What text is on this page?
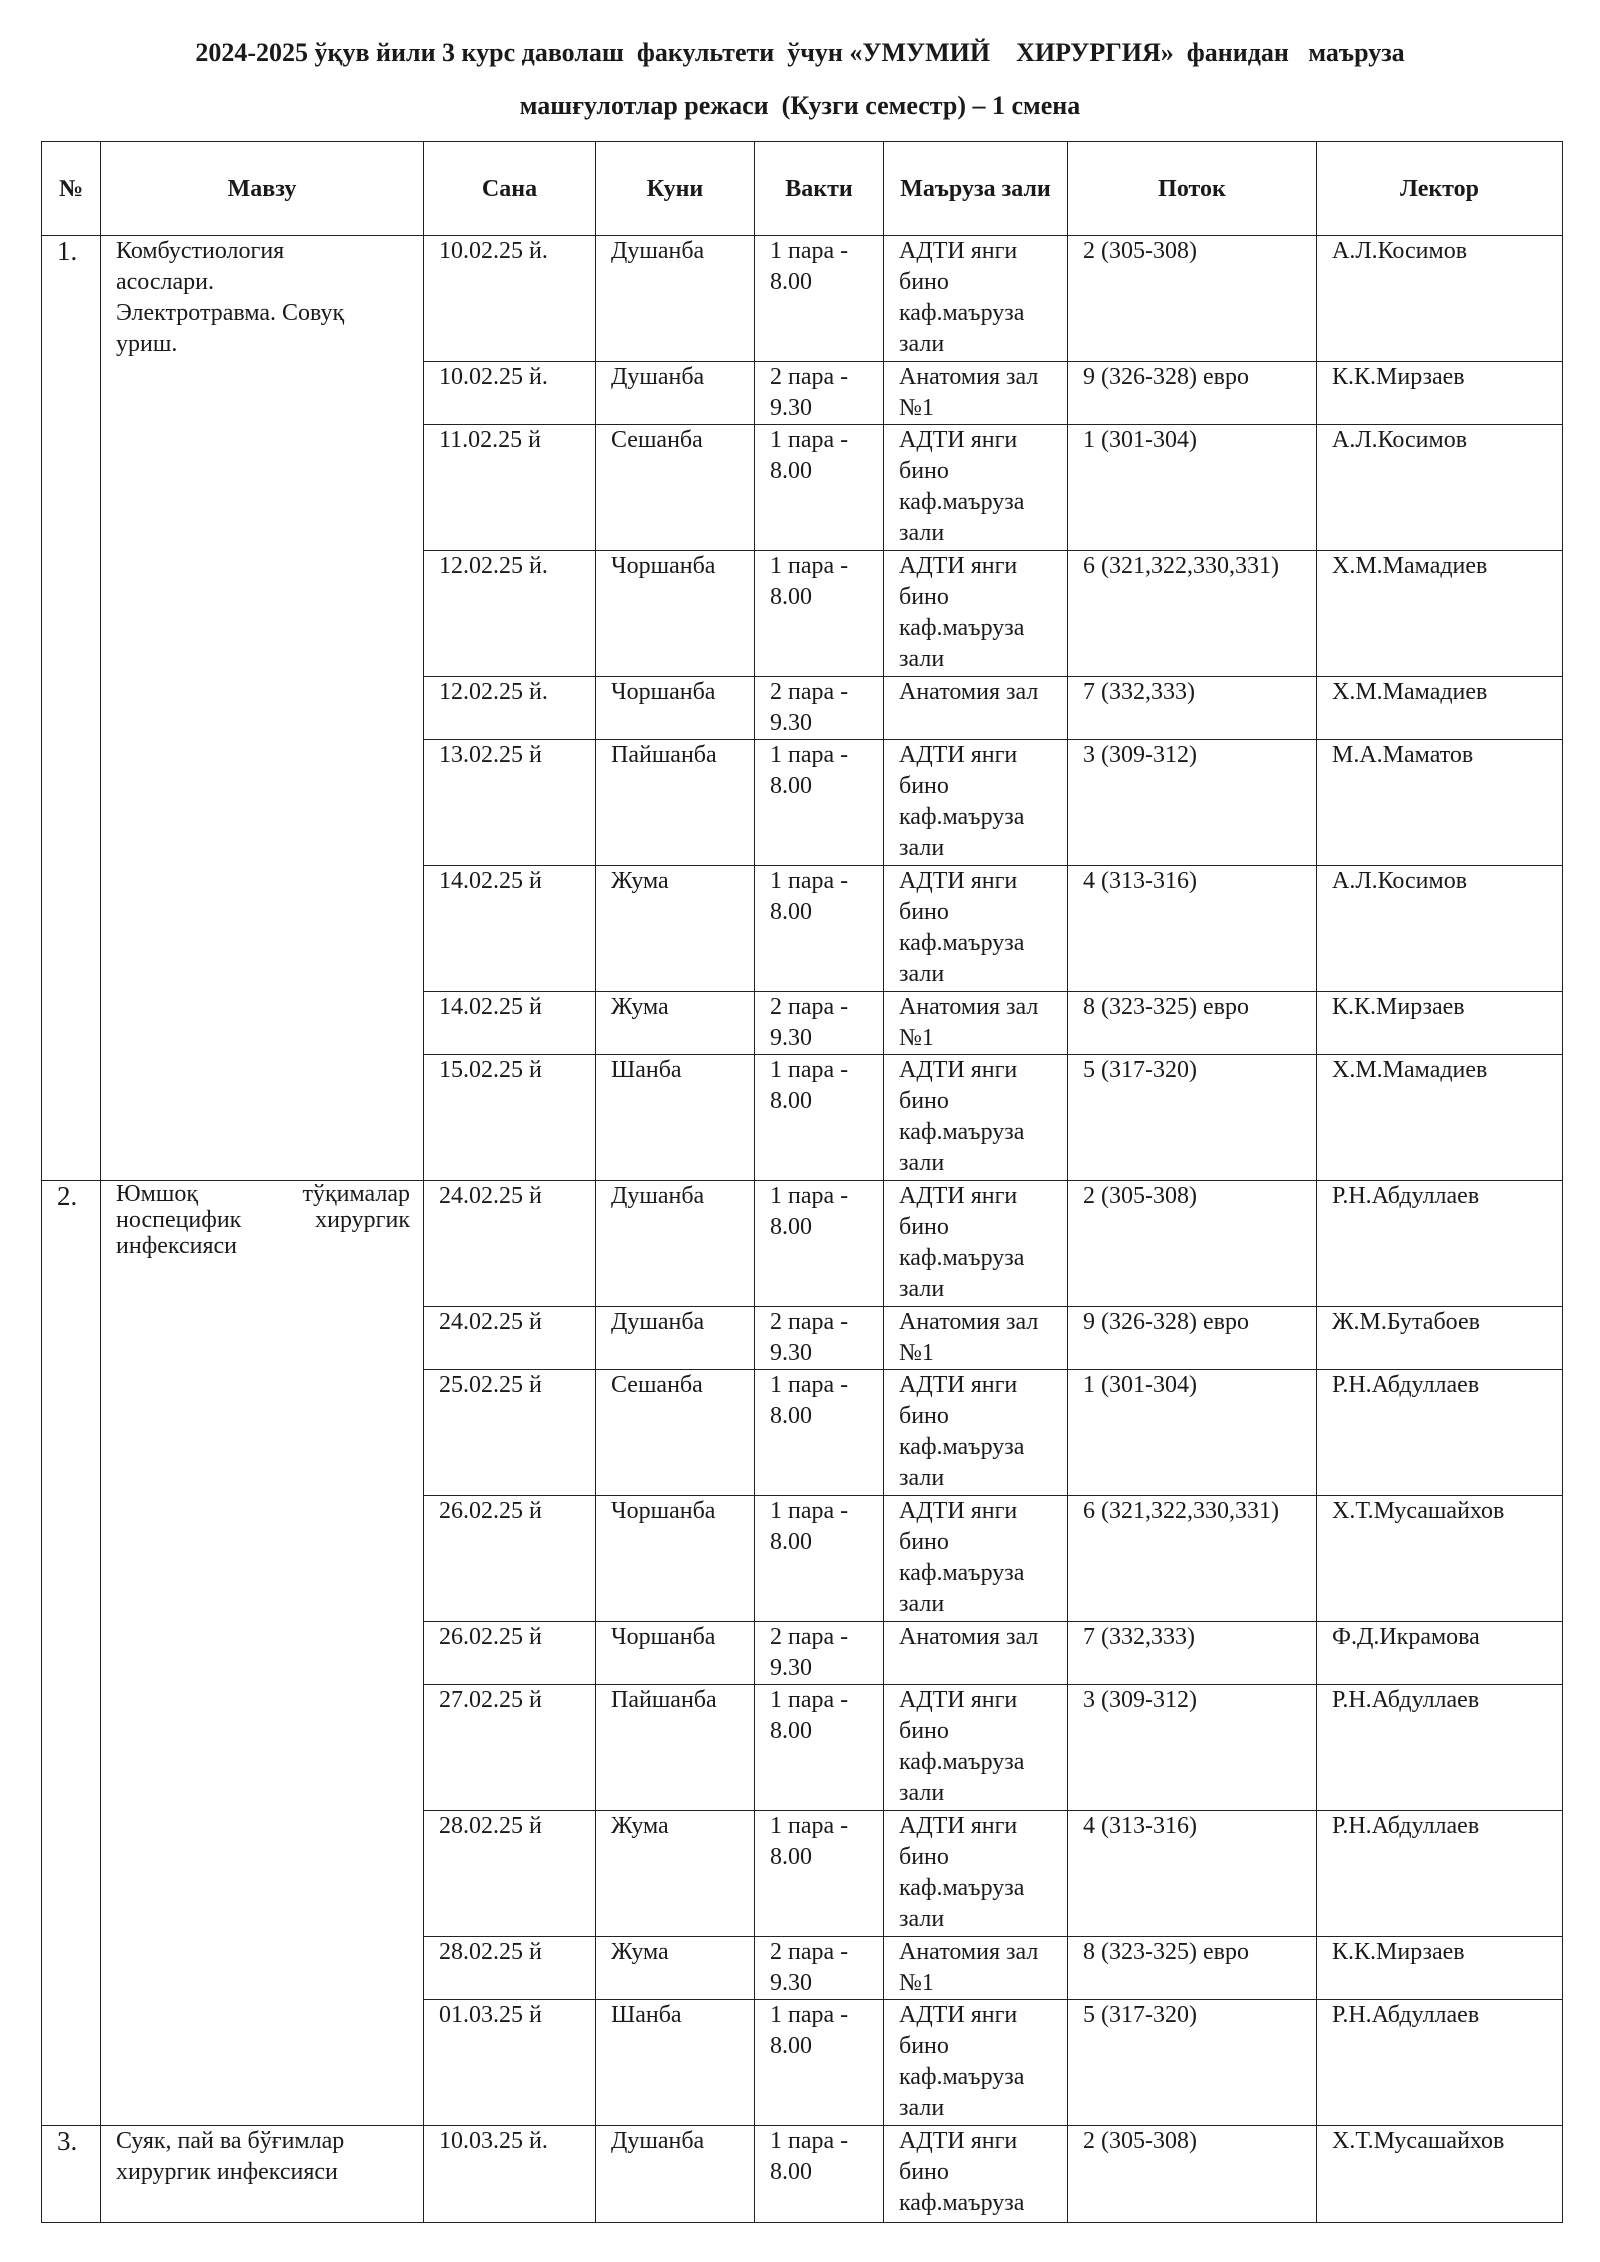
2024-2025 ўқув йили 3 курс даволаш  факультети  ўчун «УМУМИЙ    ХИРУРГИЯ»  фанидан   маъруза
машғулотлар режаси  (Кузги семестр) – 1 смена
№	Мавзу	Сана	Куни	Вакти	Маъруза зали	Поток	Лектор
1.	Комбустиология
асослари.
Электротравма. Совуқ
уриш.	10.02.25 й.	Душанба	1 пара - 8.00	АДТИ янги бино каф.маъруза зали	2 (305-308)	А.Л.Косимов
		10.02.25 й.	Душанба	2 пара - 9.30	Анатомия зал №1	9 (326-328) евро	К.К.Мирзаев
		11.02.25 й	Сешанба	1 пара - 8.00	АДТИ янги бино каф.маъруза зали	1 (301-304)	А.Л.Косимов
		12.02.25 й.	Чоршанба	1 пара - 8.00	АДТИ янги бино каф.маъруза зали	6 (321,322,330,331)	Х.М.Мамадиев
		12.02.25 й.	Чоршанба	2 пара - 9.30	Анатомия зал	7 (332,333)	Х.М.Мамадиев
		13.02.25 й	Пайшанба	1 пара - 8.00	АДТИ янги бино каф.маъруза зали	3 (309-312)	М.А.Маматов
		14.02.25 й	Жума	1 пара - 8.00	АДТИ янги бино каф.маъруза зали	4 (313-316)	А.Л.Косимов
		14.02.25 й	Жума	2 пара - 9.30	Анатомия зал №1	8 (323-325) евро	К.К.Мирзаев
		15.02.25 й	Шанба	1 пара - 8.00	АДТИ янги бино каф.маъруза зали	5 (317-320)	Х.М.Мамадиев
2.	Юмшоқ тўқималар
носпецифик хирургик
инфексияси	24.02.25 й	Душанба	1 пара - 8.00	АДТИ янги бино каф.маъруза зали	2 (305-308)	Р.Н.Абдуллаев
		24.02.25 й	Душанба	2 пара - 9.30	Анатомия зал №1	9 (326-328) евро	Ж.М.Бутабоев
		25.02.25 й	Сешанба	1 пара - 8.00	АДТИ янги бино каф.маъруза зали	1 (301-304)	Р.Н.Абдуллаев
		26.02.25 й	Чоршанба	1 пара - 8.00	АДТИ янги бино каф.маъруза зали	6 (321,322,330,331)	Х.Т.Мусашайхов
		26.02.25 й	Чоршанба	2 пара - 9.30	Анатомия зал	7 (332,333)	Ф.Д.Икрамова
		27.02.25 й	Пайшанба	1 пара - 8.00	АДТИ янги бино каф.маъруза зали	3 (309-312)	Р.Н.Абдуллаев
		28.02.25 й	Жума	1 пара - 8.00	АДТИ янги бино каф.маъруза зали	4 (313-316)	Р.Н.Абдуллаев
		28.02.25 й	Жума	2 пара - 9.30	Анатомия зал №1	8 (323-325) евро	К.К.Мирзаев
		01.03.25 й	Шанба	1 пара - 8.00	АДТИ янги бино каф.маъруза зали	5 (317-320)	Р.Н.Абдуллаев
3.	Суяк, пай ва бўғимлар
хирургик инфексияси	10.03.25 й.	Душанба	1 пара - 8.00	АДТИ янги бино каф.маъруза	2 (305-308)	Х.Т.Мусашайхов
